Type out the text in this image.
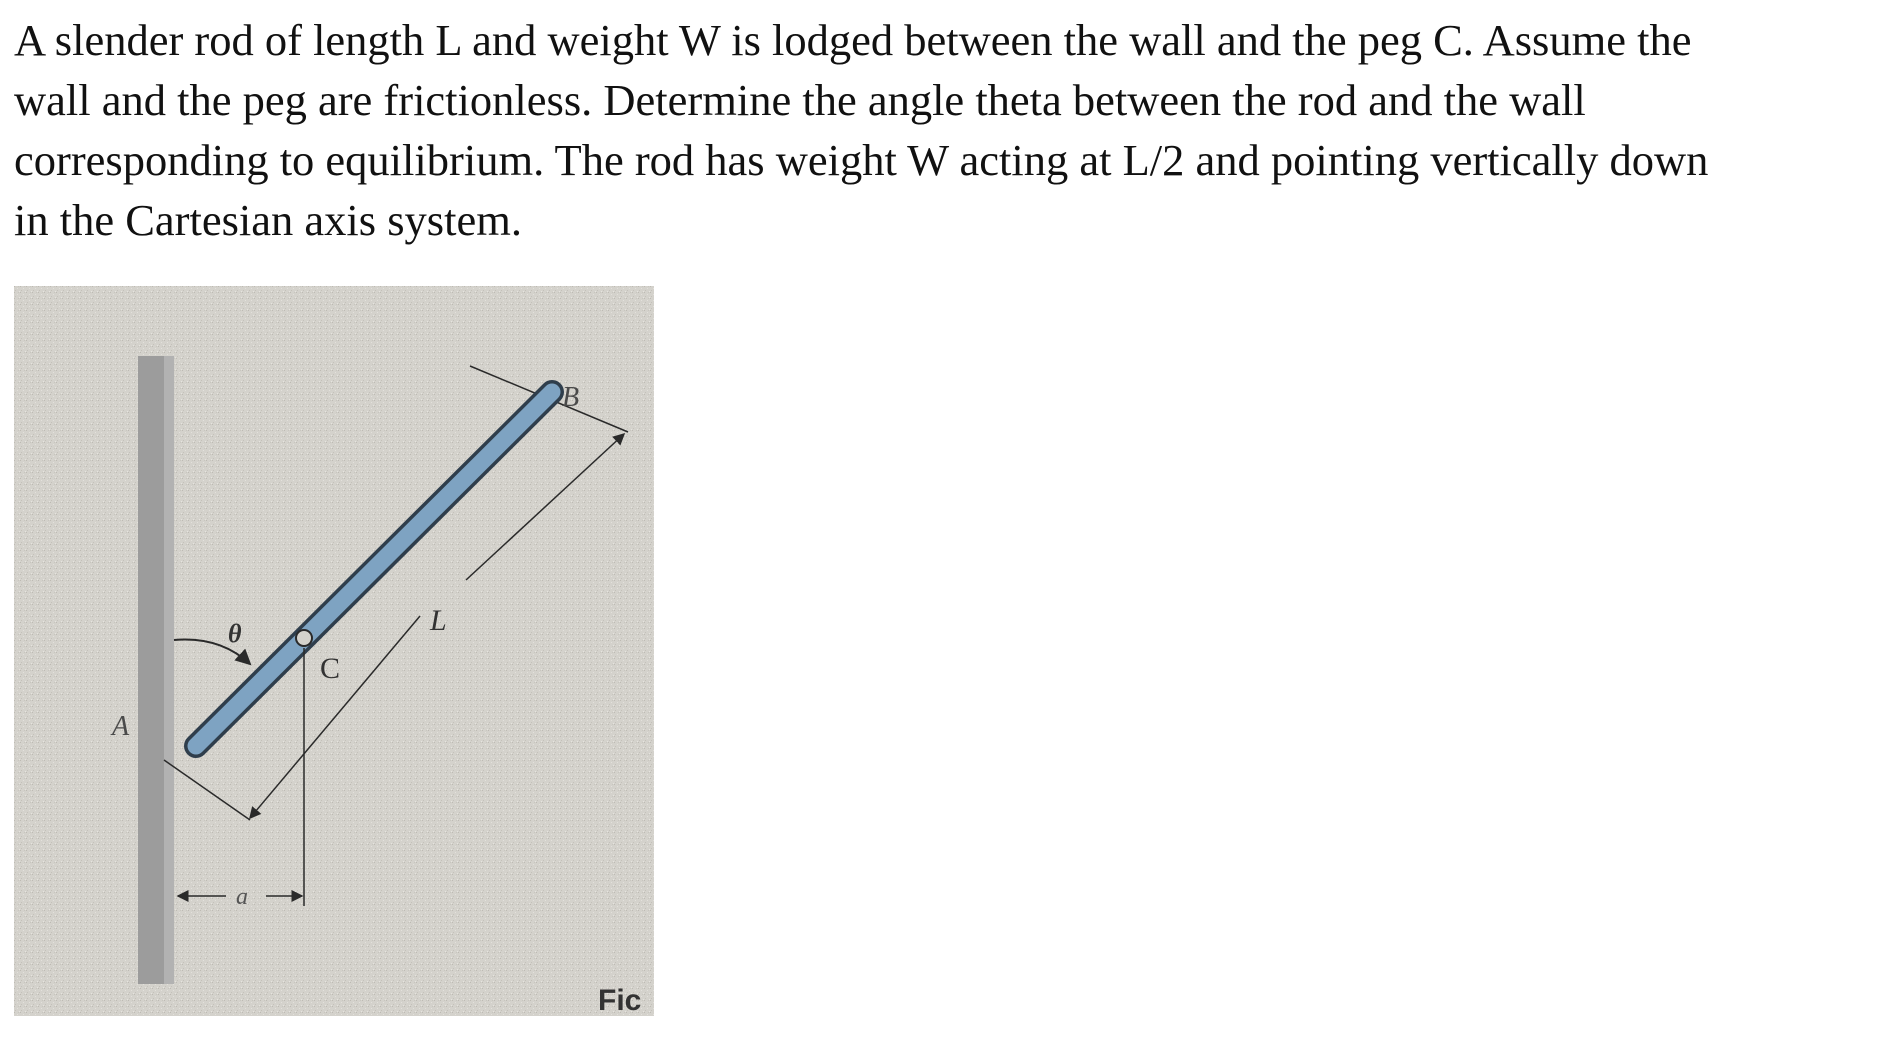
A slender rod of length L and weight W is lodged between the wall and the peg C. Assume the
wall and the peg are frictionless. Determine the angle theta between the rod and the wall
corresponding to equilibrium. The rod has weight W acting at L/2 and pointing vertically down
in the Cartesian axis system.
A
B
C
L
θ
a
Fic
